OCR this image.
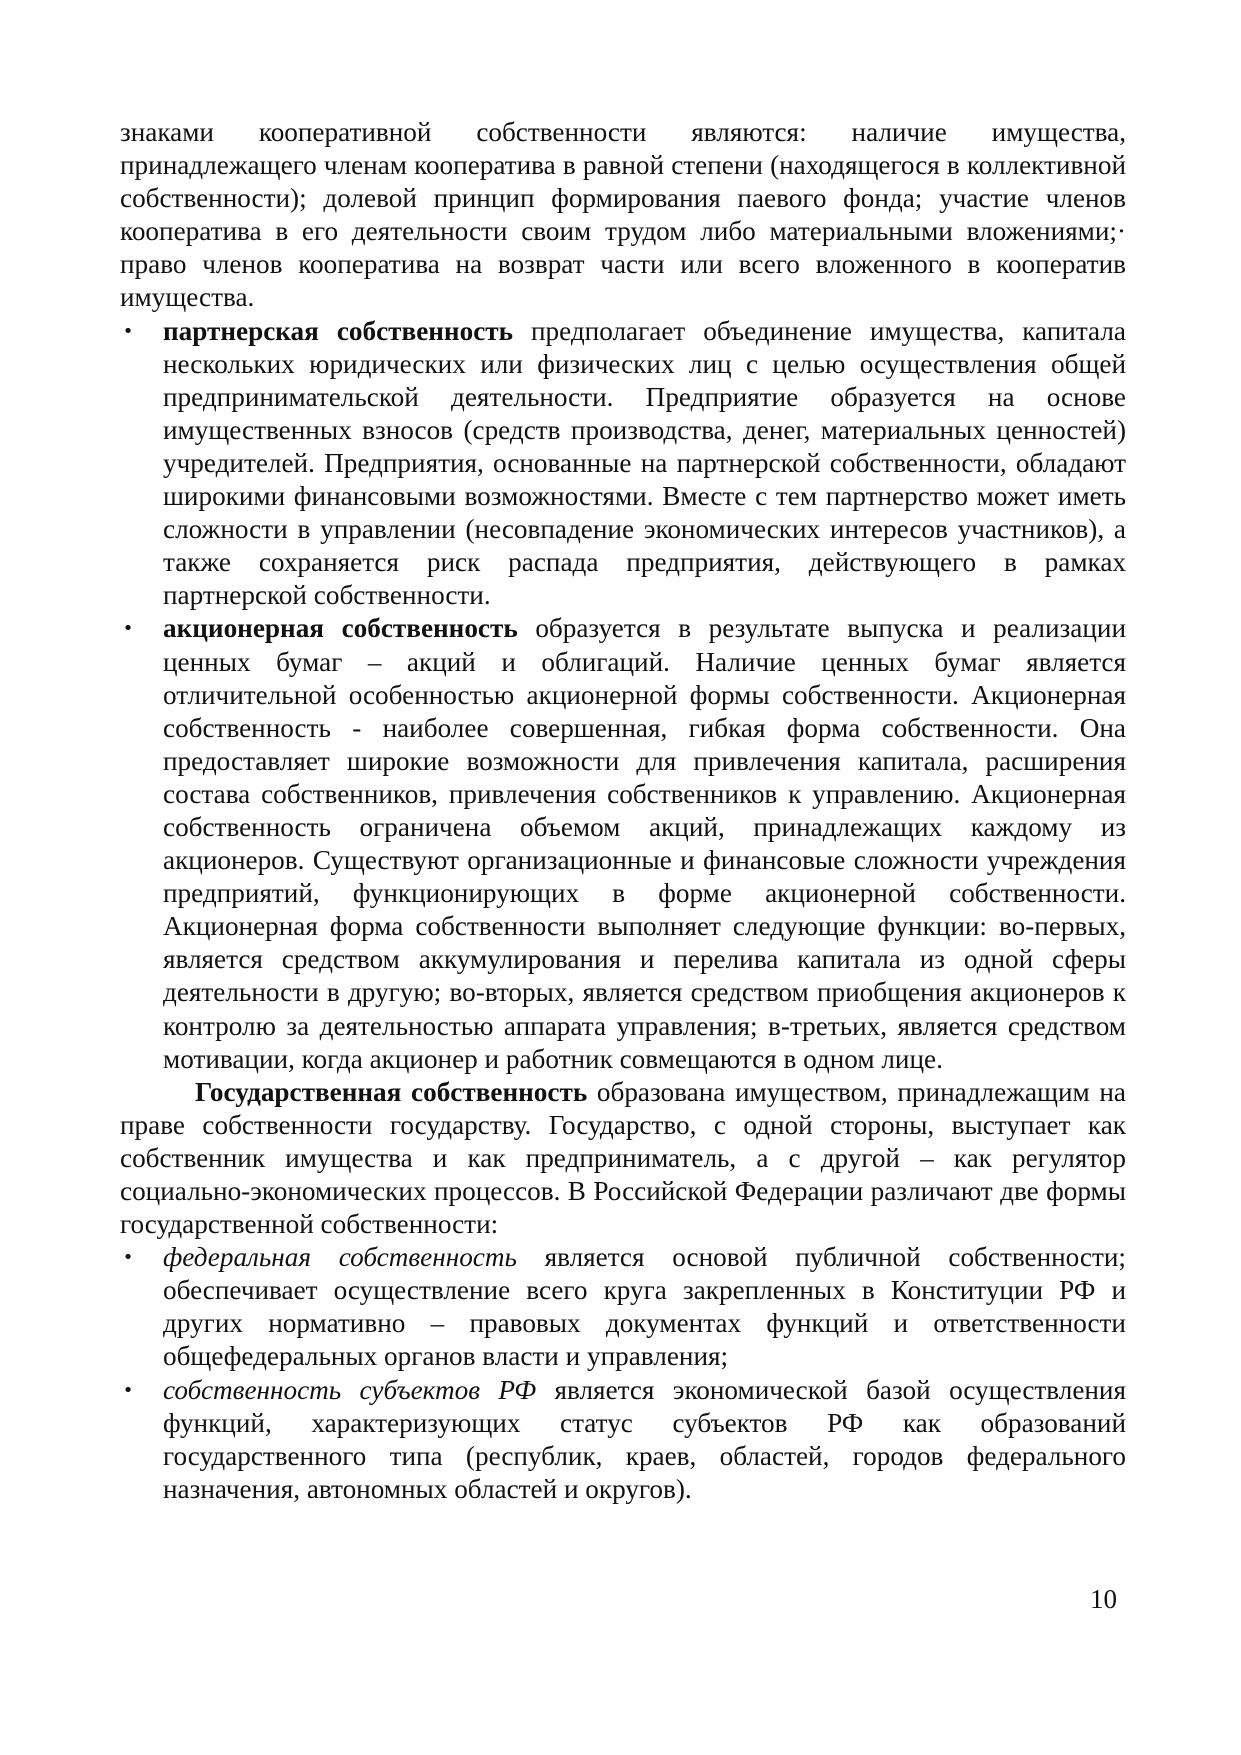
знаками кооперативной собственности являются: наличие имущества, принадлежащего членам кооператива в равной степени (находящегося в коллективной собственности); долевой принцип формирования паевого фонда; участие членов кооператива в его деятельности своим трудом либо материальными вложениями;· право членов кооператива на возврат части или всего вложенного в кооператив имущества.

• партнерская собственность предполагает объединение имущества, капитала нескольких юридических или физических лиц с целью осуществления общей предпринимательской деятельности. Предприятие образуется на основе имущественных взносов (средств производства, денег, материальных ценностей) учредителей. Предприятия, основанные на партнерской собственности, обладают широкими финансовыми возможностями. Вместе с тем партнерство может иметь сложности в управлении (несовпадение экономических интересов участников), а также сохраняется риск распада предприятия, действующего в рамках партнерской собственности.
• акционерная собственность образуется в результате выпуска и реализации ценных бумаг – акций и облигаций. Наличие ценных бумаг является отличительной особенностью акционерной формы собственности. Акционерная собственность - наиболее совершенная, гибкая форма собственности. Она предоставляет широкие возможности для привлечения капитала, расширения состава собственников, привлечения собственников к управлению. Акционерная собственность ограничена объемом акций, принадлежащих каждому из акционеров. Существуют организационные и финансовые сложности учреждения предприятий, функционирующих в форме акционерной собственности. Акционерная форма собственности выполняет следующие функции: во-первых, является средством аккумулирования и перелива капитала из одной сферы деятельности в другую; во-вторых, является средством приобщения акционеров к контролю за деятельностью аппарата управления; в-третьих, является средством мотивации, когда акционер и работник совмещаются в одном лице.

Государственная собственность образована имуществом, принадлежащим на праве собственности государству. Государство, с одной стороны, выступает как собственник имущества и как предприниматель, а с другой – как регулятор социально-экономических процессов. В Российской Федерации различают две формы государственной собственности:

• федеральная собственность является основой публичной собственности; обеспечивает осуществление всего круга закрепленных в Конституции РФ и других нормативно – правовых документах функций и ответственности общефедеральных органов власти и управления;
• собственность субъектов РФ является экономической базой осуществления функций, характеризующих статус субъектов РФ как образований государственного типа (республик, краев, областей, городов федерального назначения, автономных областей и округов).
10
